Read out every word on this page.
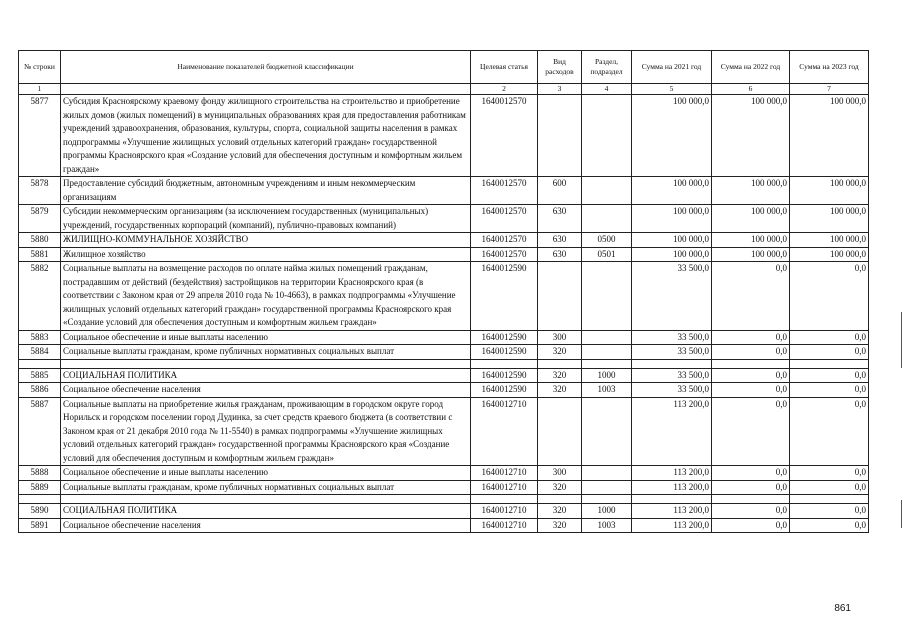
№ строки	Наименование показателей бюджетной классификации	Целевая статья	Вид расходов	Раздел, подраздел	Сумма на 2021 год	Сумма на 2022 год	Сумма на 2023 год
1		2	3	4	5	6	7
5877	Субсидия Красноярскому краевому фонду жилищного строительства на строительство и приобретение жилых домов (жилых помещений) в муниципальных образованиях края для предоставления работникам учреждений здравоохранения, образования, культуры, спорта, социальной защиты населения в рамках подпрограммы «Улучшение жилищных условий отдельных категорий граждан» государственной программы Красноярского края «Создание условий для обеспечения доступным и комфортным жильем граждан»	1640012570			100 000,0	100 000,0	100 000,0
5878	Предоставление субсидий бюджетным, автономным учреждениям и иным некоммерческим организациям	1640012570	600		100 000,0	100 000,0	100 000,0
5879	Субсидии некоммерческим организациям (за исключением государственных (муниципальных) учреждений, государственных корпораций (компаний), публично-правовых компаний)	1640012570	630		100 000,0	100 000,0	100 000,0
5880	ЖИЛИЩНО-КОММУНАЛЬНОЕ ХОЗЯЙСТВО	1640012570	630	0500	100 000,0	100 000,0	100 000,0
5881	Жилищное хозяйство	1640012570	630	0501	100 000,0	100 000,0	100 000,0
5882	Социальные выплаты на возмещение расходов по оплате найма жилых помещений гражданам, пострадавшим от действий (бездействия) застройщиков на территории Красноярского края (в соответствии с Законом края от 29 апреля 2010 года № 10-4663), в рамках подпрограммы «Улучшение жилищных условий отдельных категорий граждан» государственной программы Красноярского края «Создание условий для обеспечения доступным и комфортным жильем граждан»	1640012590			33 500,0	0,0	0,0
5883	Социальное обеспечение и иные выплаты населению	1640012590	300		33 500,0	0,0	0,0
5884	Социальные выплаты гражданам, кроме публичных нормативных социальных выплат	1640012590	320		33 500,0	0,0	0,0

5885	СОЦИАЛЬНАЯ ПОЛИТИКА	1640012590	320	1000	33 500,0	0,0	0,0
5886	Социальное обеспечение населения	1640012590	320	1003	33 500,0	0,0	0,0
5887	Социальные выплаты на приобретение жилья гражданам, проживающим в городском округе город Норильск и городском поселении город Дудинка, за счет средств краевого бюджета (в соответствии с Законом края от 21 декабря 2010 года № 11-5540) в рамках подпрограммы «Улучшение жилищных условий отдельных категорий граждан» государственной программы Красноярского края «Создание условий для обеспечения доступным и комфортным жильем граждан»	1640012710			113 200,0	0,0	0,0
5888	Социальное обеспечение и иные выплаты населению	1640012710	300		113 200,0	0,0	0,0
5889	Социальные выплаты гражданам, кроме публичных нормативных социальных выплат	1640012710	320		113 200,0	0,0	0,0

5890	СОЦИАЛЬНАЯ ПОЛИТИКА	1640012710	320	1000	113 200,0	0,0	0,0
5891	Социальное обеспечение населения	1640012710	320	1003	113 200,0	0,0	0,0
861
